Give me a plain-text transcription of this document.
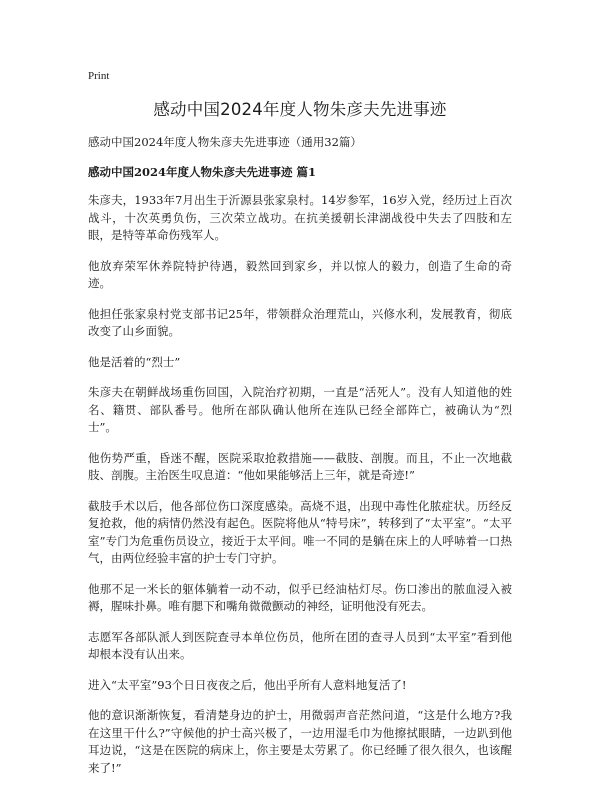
Print
感动中国2024年度人物朱彦夫先进事迹
感动中国2024年度人物朱彦夫先进事迹（通用32篇）
感动中国2024年度人物朱彦夫先进事迹 篇1

朱彦夫，1933年7月出生于沂源县张家泉村。14岁参军，16岁入党，经历过上百次战斗，十次英勇负伤，三次荣立战功。在抗美援朝长津湖战役中失去了四肢和左眼，是特等革命伤残军人。

他放弃荣军休养院特护待遇，毅然回到家乡，并以惊人的毅力，创造了生命的奇迹。

他担任张家泉村党支部书记25年，带领群众治理荒山，兴修水利，发展教育，彻底改变了山乡面貌。

他是活着的“烈士”

朱彦夫在朝鲜战场重伤回国，入院治疗初期，一直是“活死人”。没有人知道他的姓名、籍贯、部队番号。他所在部队确认他所在连队已经全部阵亡，被确认为“烈士”。

他伤势严重，昏迷不醒，医院采取抢救措施——截肢、剖腹。而且，不止一次地截肢、剖腹。主治医生叹息道：“他如果能够活上三年，就是奇迹!”

截肢手术以后，他各部位伤口深度感染。高烧不退，出现中毒性化脓症状。历经反复抢救，他的病情仍然没有起色。医院将他从“特号床”，转移到了“太平室”。“太平室”专门为危重伤员设立，接近于太平间。唯一不同的是躺在床上的人呼哧着一口热气，由两位经验丰富的护士专门守护。

他那不足一米长的躯体躺着一动不动，似乎已经油枯灯尽。伤口渗出的脓血浸入被褥，腥味扑鼻。唯有腮下和嘴角微微颤动的神经，证明他没有死去。

志愿军各部队派人到医院查寻本单位伤员，他所在团的查寻人员到“太平室”看到他却根本没有认出来。

进入“太平室”93个日日夜夜之后，他出乎所有人意料地复活了!

他的意识渐渐恢复，看清楚身边的护士，用微弱声音茫然问道，“这是什么地方?我在这里干什么?”守候他的护士高兴极了，一边用湿毛巾为他擦拭眼睛，一边趴到他耳边说，“这是在医院的病床上，你主要是太劳累了。你已经睡了很久很久，也该醒来了!”
